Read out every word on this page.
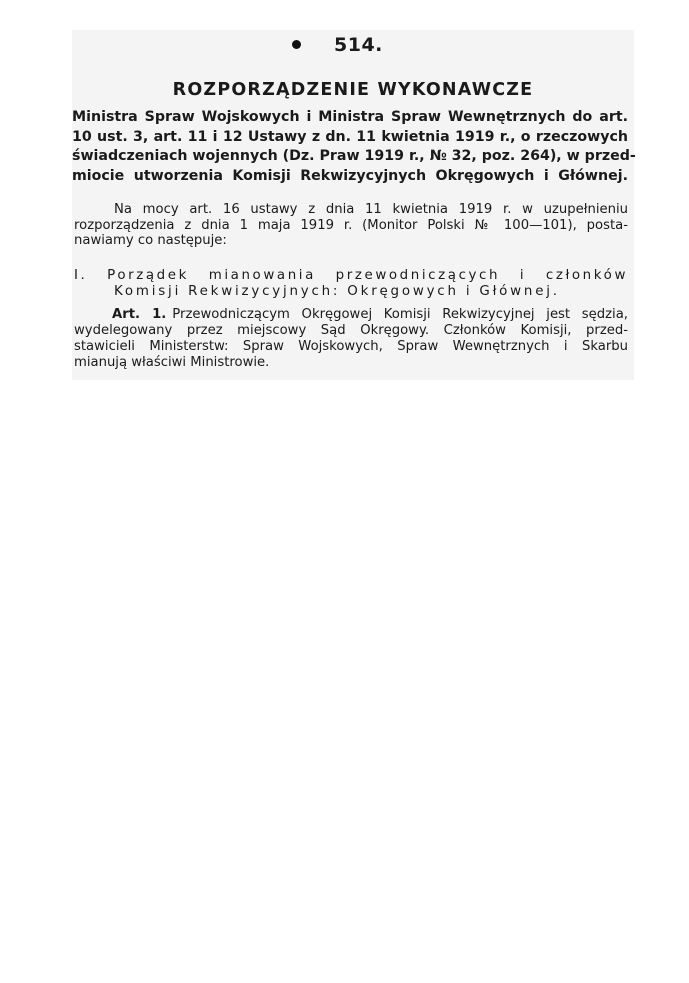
514.
ROZPORZĄDZENIE WYKONAWCZE
Ministra Spraw Wojskowych i Ministra Spraw Wewnętrznych do art.
10 ust. 3, art. 11 i 12 Ustawy z dn. 11 kwietnia 1919 r., o rzeczowych
świadczeniach wojennych (Dz. Praw 1919 r., № 32, poz. 264), w przed-
miocie utworzenia Komisji Rekwizycyjnych Okręgowych i Głównej.
Na mocy art. 16 ustawy z dnia 11 kwietnia 1919 r. w uzupełnieniu
rozporządzenia z dnia 1 maja 1919 r. (Monitor Polski № 100—101), posta-
nawiamy co następuje:
I. Porządek mianowania przewodniczących i członków
Komisji Rekwizycyjnych: Okręgowych i Głównej.
Art. 1. Przewodniczącym Okręgowej Komisji Rekwizycyjnej jest sędzia,
wydelegowany przez miejscowy Sąd Okręgowy. Członków Komisji, przed-
stawicieli Ministerstw: Spraw Wojskowych, Spraw Wewnętrznych i Skarbu
mianują właściwi Ministrowie.
